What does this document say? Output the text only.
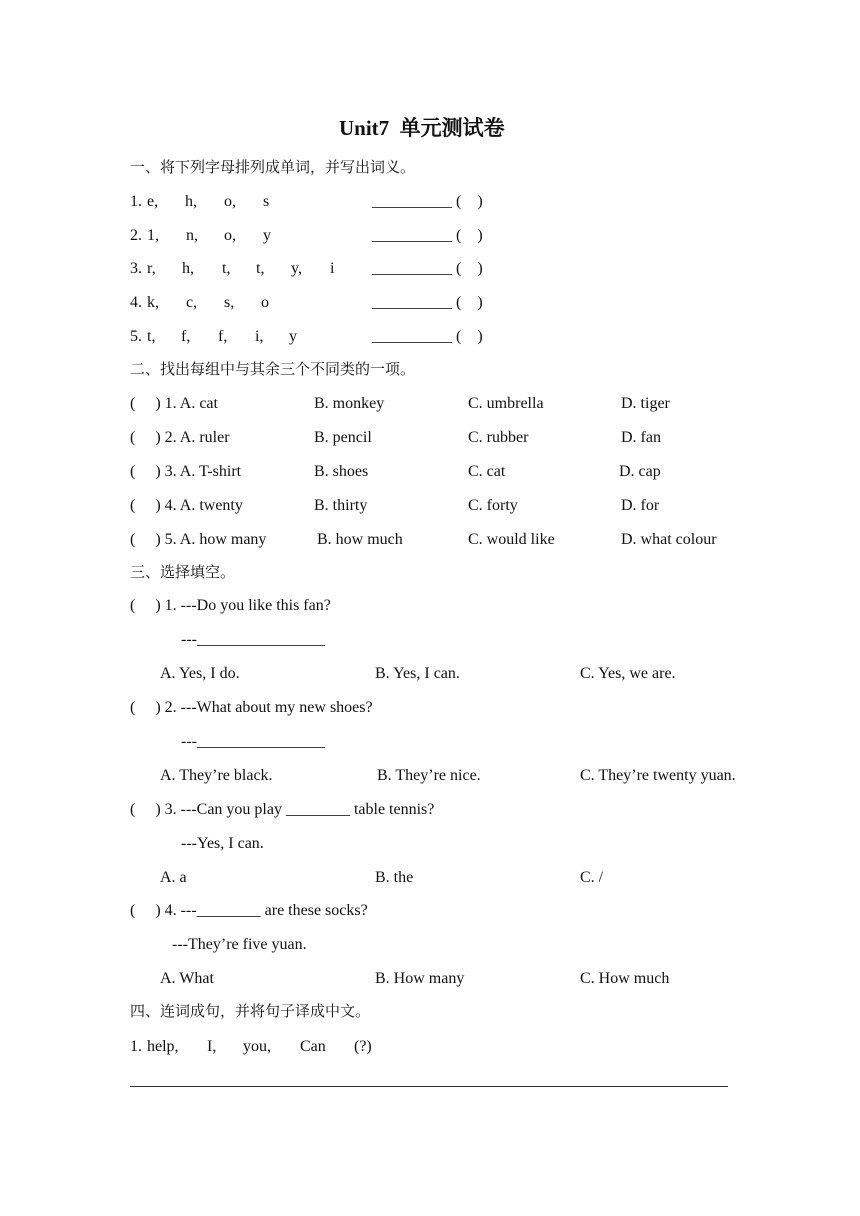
Unit7  单元测试卷
一、将下列字母排列成单词，并写出词义。
二、找出每组中与其余三个不同类的一项。
三、选择填空。
四、连词成句，并将句子译成中文。
1. e, h, o, s	__________ (    )
2. 1, n, o, y	__________ (    )
3. r, h, t, t, y, i __________ (    )
4. k, c, s, o	__________ (    )
5. t, f, f, i, y	__________ (    )
(     ) 1. A. cat	B. monkey	C. umbrella	D. tiger
(     ) 2. A. ruler	B. pencil	C. rubber	D. fan
(     ) 3. A. T-shirt	B. shoes	C. cat	D. cap
(     ) 4. A. twenty	B. thirty	C. forty	D. for
(     ) 5. A. how many	B. how much	C. would like	D. what colour
(     ) 1. ---Do you like this fan?
---________________
A. Yes, I do.	B. Yes, I can.	C. Yes, we are.
(     ) 2. ---What about my new shoes?
---________________
A. They’re black.	B. They’re nice.	C. They’re twenty yuan.
(     ) 3. ---Can you play ________ table tennis?
---Yes, I can.
A. a	B. the	C. /
(     ) 4. ---________ are these socks?
---They’re five yuan.
A. What	B. How many	C. How much
1. help, I, you, Can (?)
